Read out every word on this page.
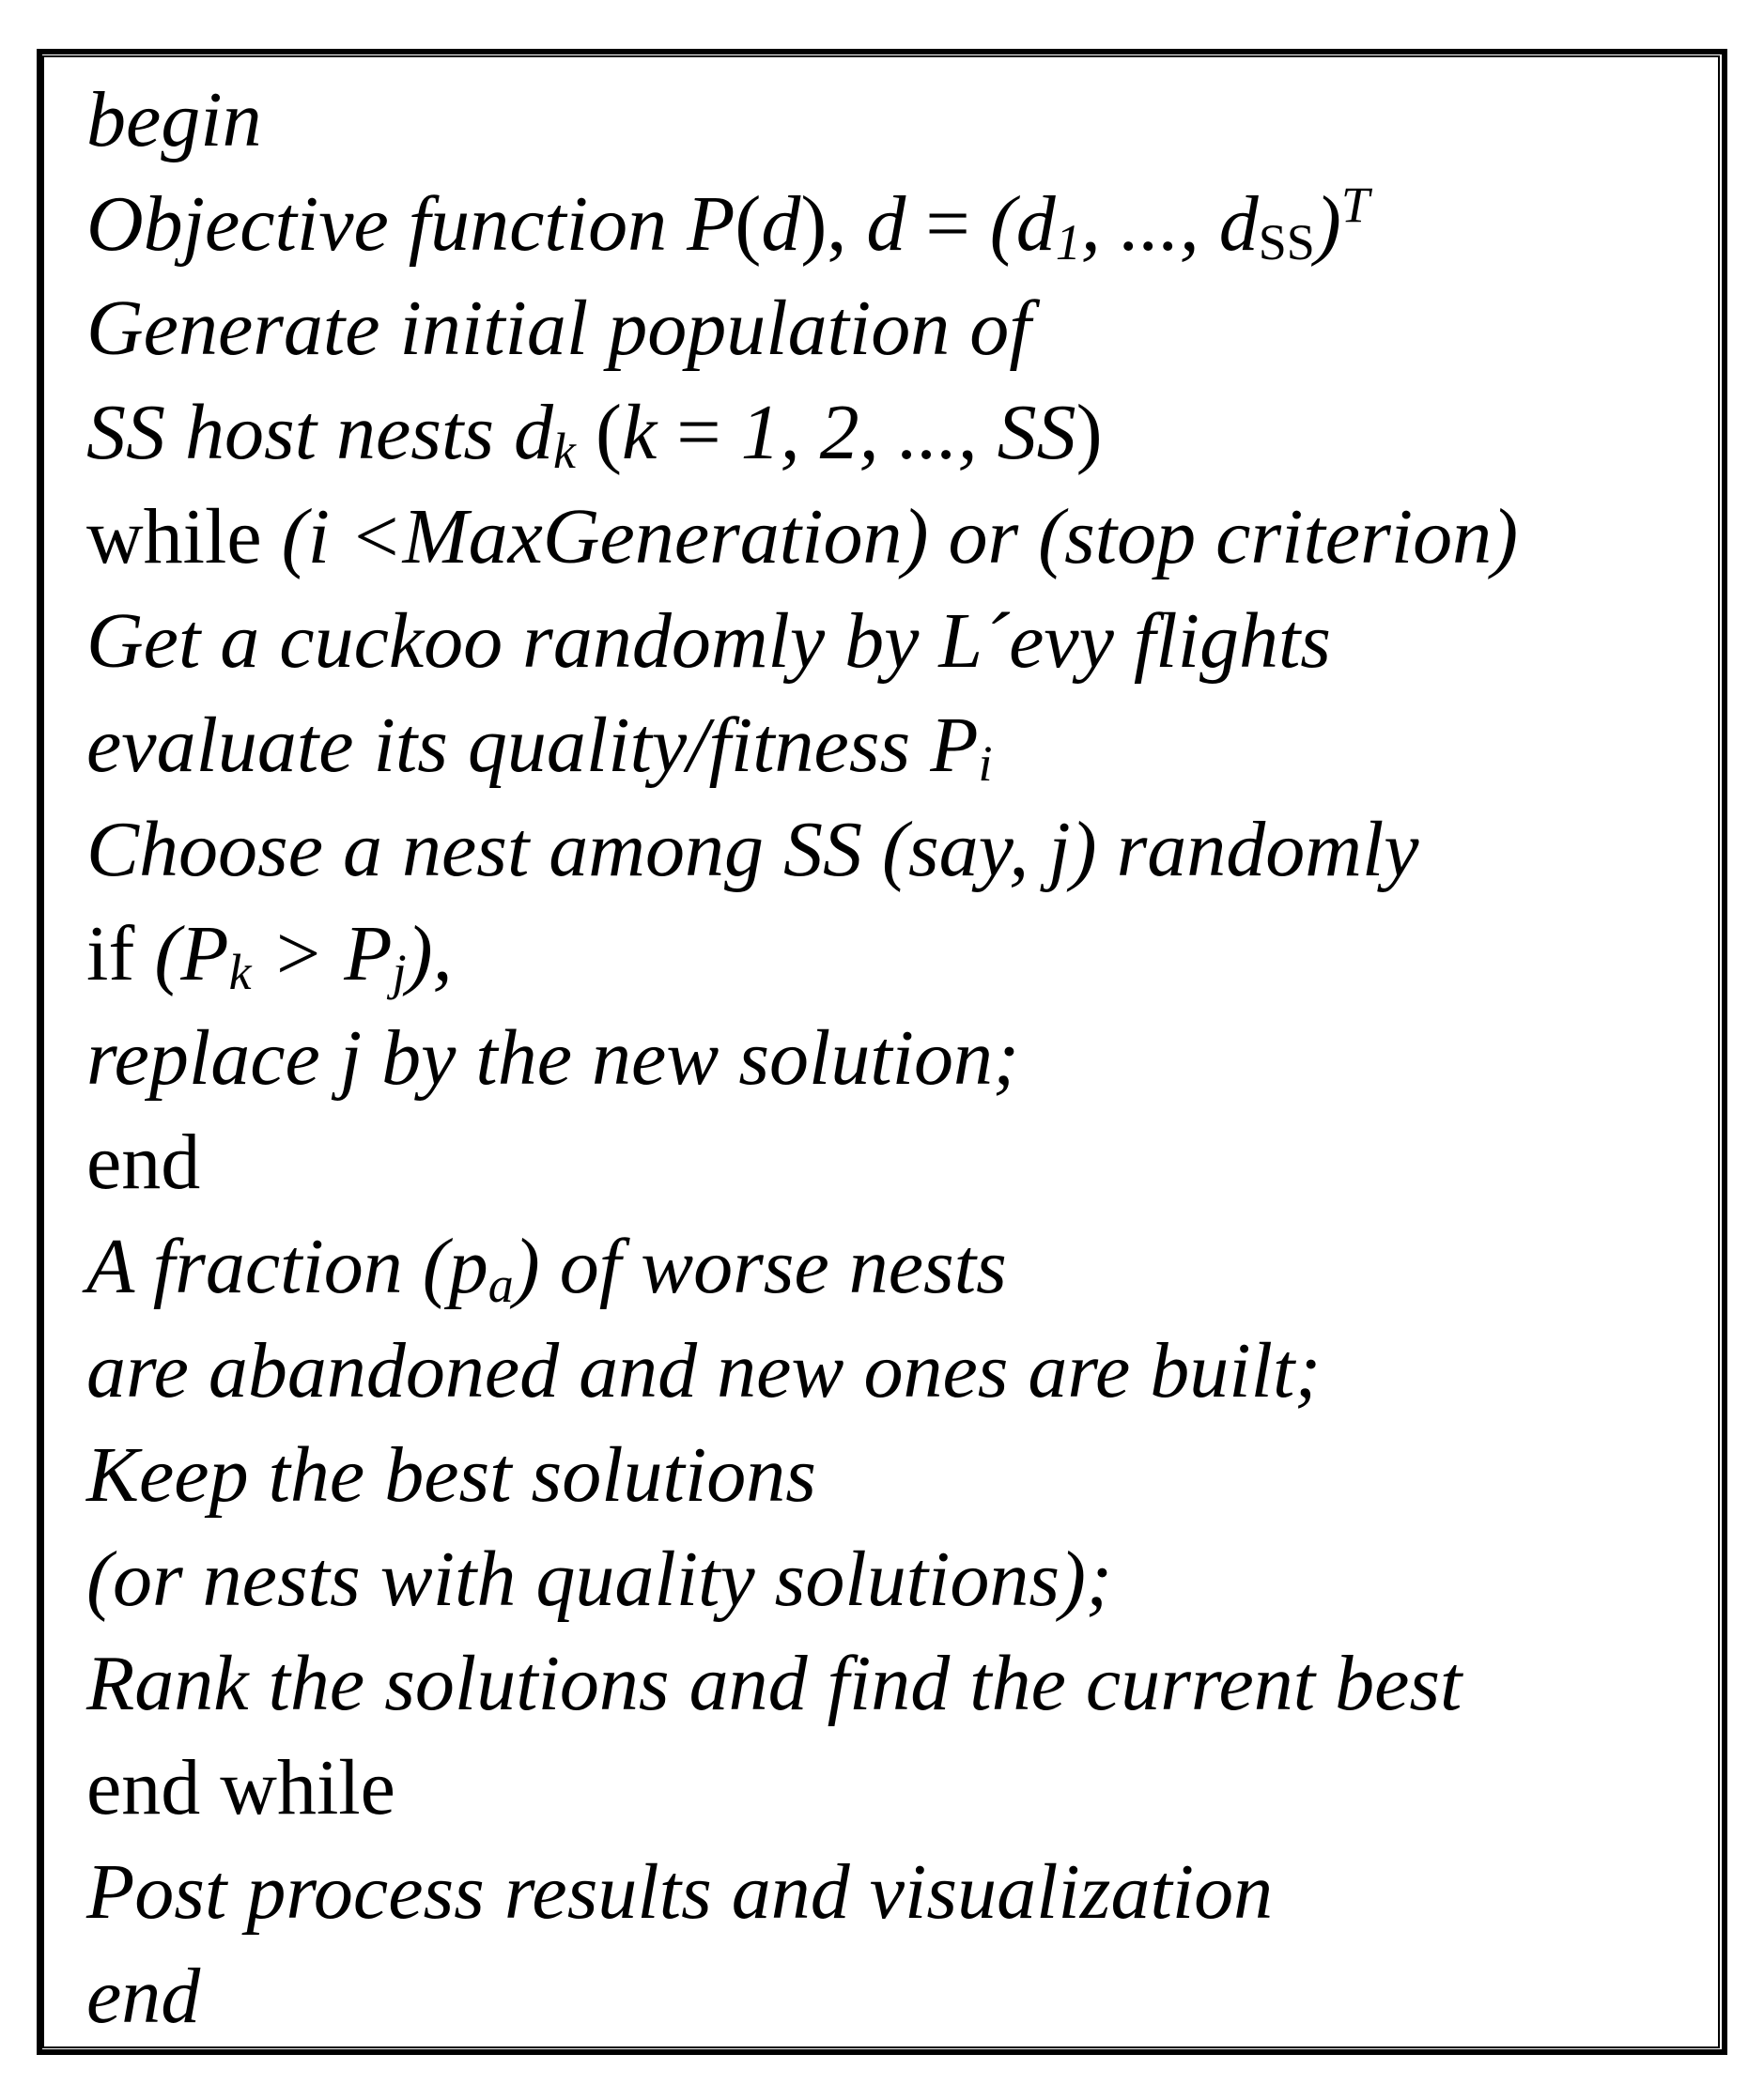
begin
Objective function P(d), d = (d1, ..., dSS)$^T$
Generate initial population of
SS host nests dk (k = 1, 2, ..., SS)
while (i <MaxGeneration) or (stop criterion)
Get a cuckoo randomly by L´evy flights
evaluate its quality/fitness Pi
Choose a nest among SS (say, j) randomly
if (Pk > Pj),
replace j by the new solution;
end
A fraction (pa) of worse nests
are abandoned and new ones are built;
Keep the best solutions
(or nests with quality solutions);
Rank the solutions and find the current best
end while
Post process results and visualization
end
